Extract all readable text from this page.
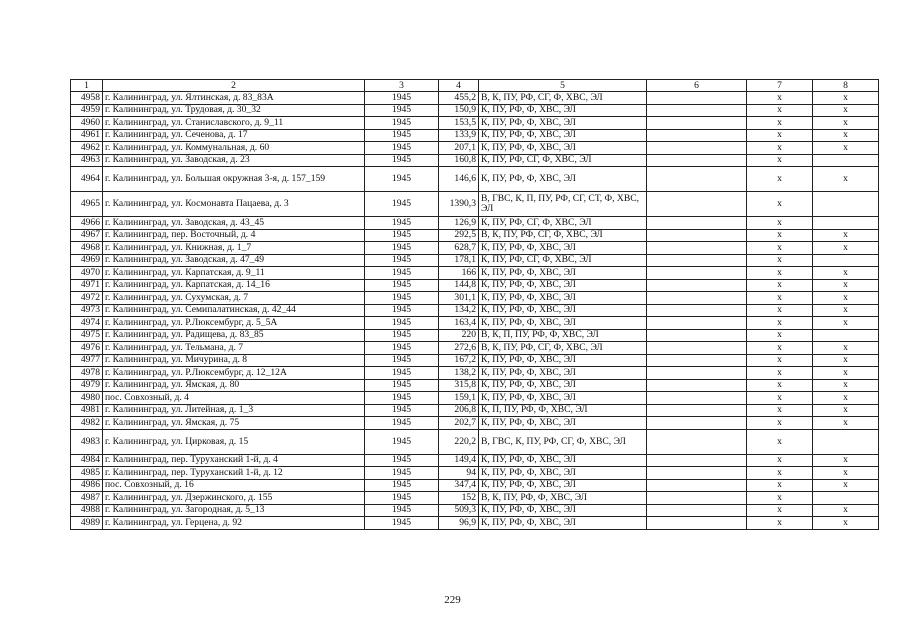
1	2	3	4	5	6	7	8
4958	г. Калининград, ул. Ялтинская, д. 83_83А	1945	455,2	В, К, ПУ, РФ, СГ, Ф, ХВС, ЭЛ		x	x
4959	г. Калининград, ул. Трудовая, д. 30_32	1945	150,9	К, ПУ, РФ, Ф, ХВС, ЭЛ		x	x
4960	г. Калининград, ул. Станиславского, д. 9_11	1945	153,5	К, ПУ, РФ, Ф, ХВС, ЭЛ		x	x
4961	г. Калининград, ул. Сеченова, д. 17	1945	133,9	К, ПУ, РФ, Ф, ХВС, ЭЛ		x	x
4962	г. Калининград, ул. Коммунальная, д. 60	1945	207,1	К, ПУ, РФ, Ф, ХВС, ЭЛ		x	x
4963	г. Калининград, ул. Заводская, д. 23	1945	160,8	К, ПУ, РФ, СГ, Ф, ХВС, ЭЛ		x	
4964	г. Калининград, ул. Большая окружная 3-я, д. 157_159	1945	146,6	К, ПУ, РФ, Ф, ХВС, ЭЛ		x	x
4965	г. Калининград, ул. Космонавта Пацаева, д. 3	1945	1390,3	В, ГВС, К, П, ПУ, РФ, СГ, СТ, Ф, ХВС, ЭЛ		x	
4966	г. Калининград, ул. Заводская, д. 43_45	1945	126,9	К, ПУ, РФ, СГ, Ф, ХВС, ЭЛ		x	
4967	г. Калининград, пер. Восточный, д. 4	1945	292,5	В, К, ПУ, РФ, СГ, Ф, ХВС, ЭЛ		x	x
4968	г. Калининград, ул. Книжная, д. 1_7	1945	628,7	К, ПУ, РФ, Ф, ХВС, ЭЛ		x	x
4969	г. Калининград, ул. Заводская, д. 47_49	1945	178,1	К, ПУ, РФ, СГ, Ф, ХВС, ЭЛ		x	
4970	г. Калининград, ул. Карпатская, д. 9_11	1945	166	К, ПУ, РФ, Ф, ХВС, ЭЛ		x	x
4971	г. Калининград, ул. Карпатская, д. 14_16	1945	144,8	К, ПУ, РФ, Ф, ХВС, ЭЛ		x	x
4972	г. Калининград, ул. Сухумская, д. 7	1945	301,1	К, ПУ, РФ, Ф, ХВС, ЭЛ		x	x
4973	г. Калининград, ул. Семипалатинская, д. 42_44	1945	134,2	К, ПУ, РФ, Ф, ХВС, ЭЛ		x	x
4974	г. Калининград, ул. Р.Люксембург, д. 5_5А	1945	163,4	К, ПУ, РФ, Ф, ХВС, ЭЛ		x	x
4975	г. Калининград, ул. Радищева, д. 83_85	1945	220	В, К, П, ПУ, РФ, Ф, ХВС, ЭЛ		x	
4976	г. Калининград, ул. Тельмана, д. 7	1945	272,6	В, К, ПУ, РФ, СГ, Ф, ХВС, ЭЛ		x	x
4977	г. Калининград, ул. Мичурина, д. 8	1945	167,2	К, ПУ, РФ, Ф, ХВС, ЭЛ		x	x
4978	г. Калининград, ул. Р.Люксембург, д. 12_12А	1945	138,2	К, ПУ, РФ, Ф, ХВС, ЭЛ		x	x
4979	г. Калининград, ул. Ямская, д. 80	1945	315,8	К, ПУ, РФ, Ф, ХВС, ЭЛ		x	x
4980	пос. Совхозный, д. 4	1945	159,1	К, ПУ, РФ, Ф, ХВС, ЭЛ		x	x
4981	г. Калининград, ул. Литейная, д. 1_3	1945	206,8	К, П, ПУ, РФ, Ф, ХВС, ЭЛ		x	x
4982	г. Калининград, ул. Ямская, д. 75	1945	202,7	К, ПУ, РФ, Ф, ХВС, ЭЛ		x	x
4983	г. Калининград, ул. Цирковая, д. 15	1945	220,2	В, ГВС, К, ПУ, РФ, СГ, Ф, ХВС, ЭЛ		x	
4984	г. Калининград, пер. Туруханский 1-й, д. 4	1945	149,4	К, ПУ, РФ, Ф, ХВС, ЭЛ		x	x
4985	г. Калининград, пер. Туруханский 1-й, д. 12	1945	94	К, ПУ, РФ, Ф, ХВС, ЭЛ		x	x
4986	пос. Совхозный, д. 16	1945	347,4	К, ПУ, РФ, Ф, ХВС, ЭЛ		x	x
4987	г. Калининград, ул. Дзержинского, д. 155	1945	152	В, К, ПУ, РФ, Ф, ХВС, ЭЛ		x	
4988	г. Калининград, ул. Загородная, д. 5_13	1945	509,3	К, ПУ, РФ, Ф, ХВС, ЭЛ		x	x
4989	г. Калининград, ул. Герцена, д. 92	1945	96,9	К, ПУ, РФ, Ф, ХВС, ЭЛ		x	x
229
